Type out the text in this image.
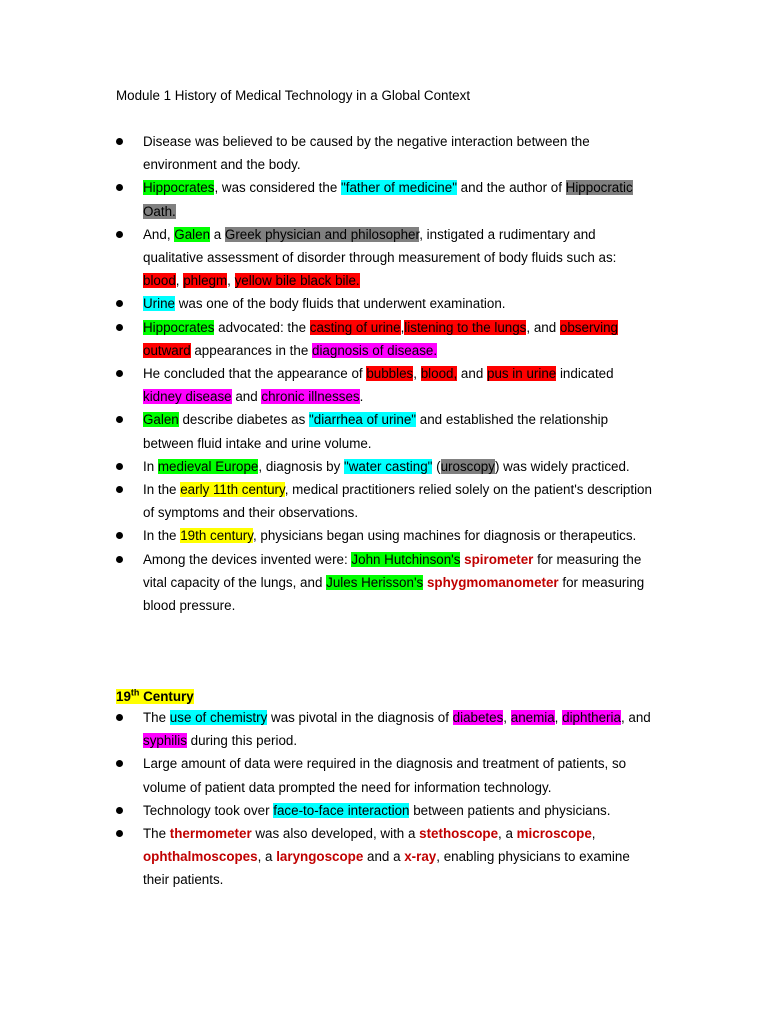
Module 1 History of Medical Technology in a Global Context
Disease was believed to be caused by the negative interaction between the environment and the body.
Hippocrates, was considered the "father of medicine" and the author of Hippocratic Oath.
And, Galen a Greek physician and philosopher, instigated a rudimentary and qualitative assessment of disorder through measurement of body fluids such as: blood, phlegm, yellow bile black bile.
Urine was one of the body fluids that underwent examination.
Hippocrates advocated: the casting of urine,listening to the lungs, and observing outward appearances in the diagnosis of disease.
He concluded that the appearance of bubbles, blood, and pus in urine indicated kidney disease and chronic illnesses.
Galen describe diabetes as "diarrhea of urine" and established the relationship between fluid intake and urine volume.
In medieval Europe, diagnosis by "water casting" (uroscopy) was widely practiced.
In the early 11th century, medical practitioners relied solely on the patient's description of symptoms and their observations.
In the 19th century, physicians began using machines for diagnosis or therapeutics.
Among the devices invented were: John Hutchinson's spirometer for measuring the vital capacity of the lungs, and Jules Herisson's sphygmomanometer for measuring blood pressure.
19th Century
The use of chemistry was pivotal in the diagnosis of diabetes, anemia, diphtheria, and syphilis during this period.
Large amount of data were required in the diagnosis and treatment of patients, so volume of patient data prompted the need for information technology.
Technology took over face-to-face interaction between patients and physicians.
The thermometer was also developed, with a stethoscope, a microscope, ophthalmoscopes, a laryngoscope and a x-ray, enabling physicians to examine their patients.
